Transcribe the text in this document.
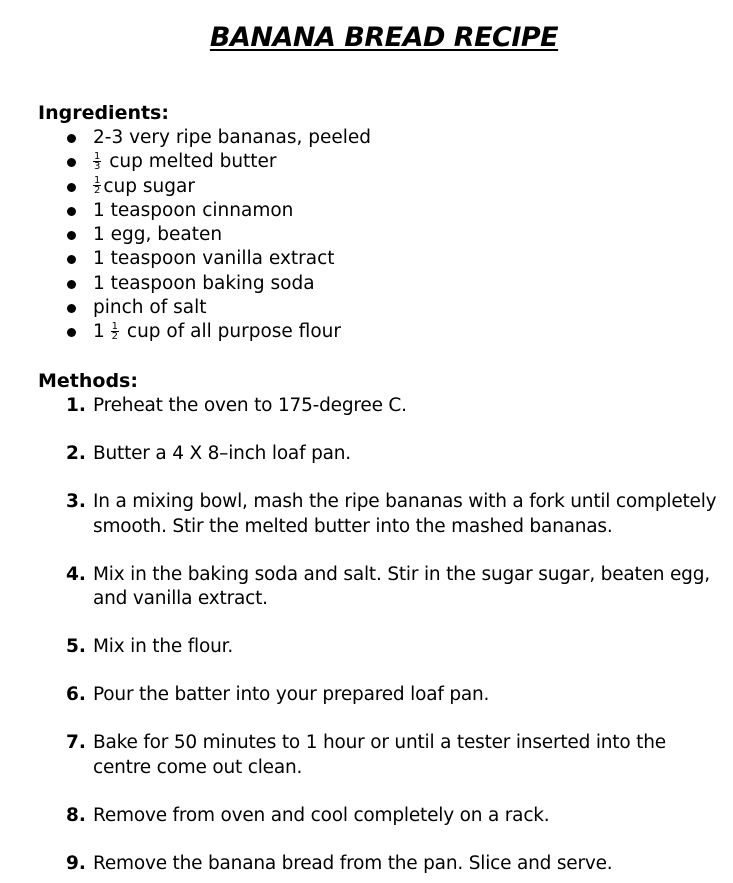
BANANA BREAD RECIPE
Ingredients:
2-3 very ripe bananas, peeled
$\frac{1}{3}$ cup melted butter
$\frac{1}{2}$ cup sugar
1 teaspoon cinnamon
1 egg, beaten
1 teaspoon vanilla extract
1 teaspoon baking soda
pinch of salt
$1 \frac{1}{2}$ cup of all purpose flour
Methods:
1. Preheat the oven to 175-degree C.
2. Butter a 4 X 8–inch loaf pan.
3. In a mixing bowl, mash the ripe bananas with a fork until completely
smooth. Stir the melted butter into the mashed bananas.
4. Mix in the baking soda and salt. Stir in the sugar sugar, beaten egg,
and vanilla extract.
5. Mix in the flour.
6. Pour the batter into your prepared loaf pan.
7. Bake for 50 minutes to 1 hour or until a tester inserted into the
centre come out clean.
8. Remove from oven and cool completely on a rack.
9. Remove the banana bread from the pan. Slice and serve.
